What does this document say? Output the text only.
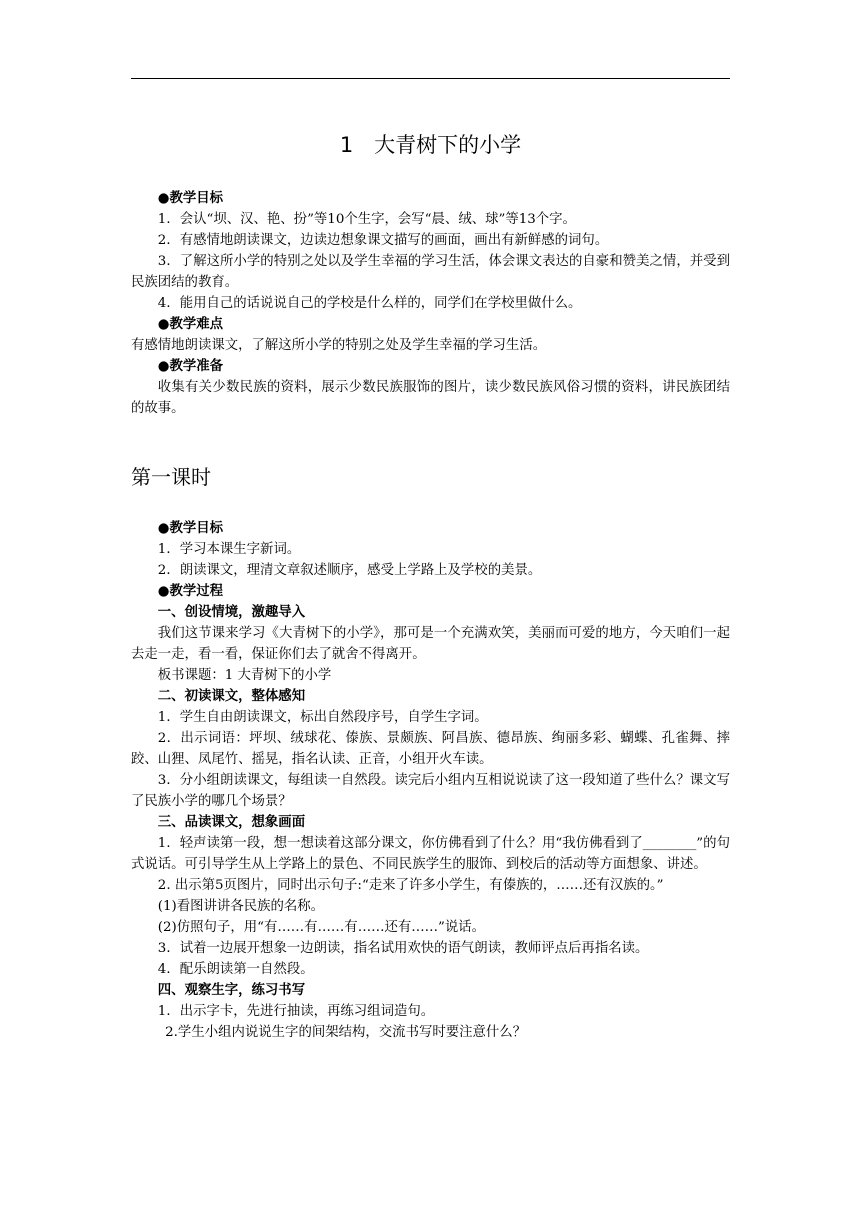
1　大青树下的小学

●教学目标

1．会认“坝、汉、艳、扮”等10个生字，会写“晨、绒、球”等13个字。

2．有感情地朗读课文，边读边想象课文描写的画面，画出有新鲜感的词句。

3．了解这所小学的特别之处以及学生幸福的学习生活，体会课文表达的自豪和赞美之情，并受到民族团结的教育。

4．能用自己的话说说自己的学校是什么样的，同学们在学校里做什么。

●教学难点

有感情地朗读课文，了解这所小学的特别之处及学生幸福的学习生活。

●教学准备

收集有关少数民族的资料，展示少数民族服饰的图片，读少数民族风俗习惯的资料，讲民族团结的故事。

第一课时

●教学目标

1．学习本课生字新词。

2．朗读课文，理清文章叙述顺序，感受上学路上及学校的美景。

●教学过程

一、创设情境，激趣导入

我们这节课来学习《大青树下的小学》，那可是一个充满欢笑，美丽而可爱的地方，今天咱们一起去走一走，看一看，保证你们去了就舍不得离开。

板书课题：1 大青树下的小学

二、初读课文，整体感知

1．学生自由朗读课文，标出自然段序号，自学生字词。

2．出示词语：坪坝、绒球花、傣族、景颇族、阿昌族、德昂族、绚丽多彩、蝴蝶、孔雀舞、摔跤、山狸、凤尾竹、摇晃，指名认读、正音，小组开火车读。

3．分小组朗读课文，每组读一自然段。读完后小组内互相说说读了这一段知道了些什么？课文写了民族小学的哪几个场景？

三、品读课文，想象画面

1．轻声读第一段，想一想读着这部分课文，你仿佛看到了什么？用“我仿佛看到了________”的句式说话。可引导学生从上学路上的景色、不同民族学生的服饰、到校后的活动等方面想象、讲述。

2. 出示第5页图片，同时出示句子:“走来了许多小学生，有傣族的，……还有汉族的。”

(1)看图讲讲各民族的名称。

(2)仿照句子，用“有……有……有……还有……”说话。

3．试着一边展开想象一边朗读，指名试用欢快的语气朗读，教师评点后再指名读。

4．配乐朗读第一自然段。

四、观察生字，练习书写

1．出示字卡，先进行抽读，再练习组词造句。

2.学生小组内说说生字的间架结构，交流书写时要注意什么？
